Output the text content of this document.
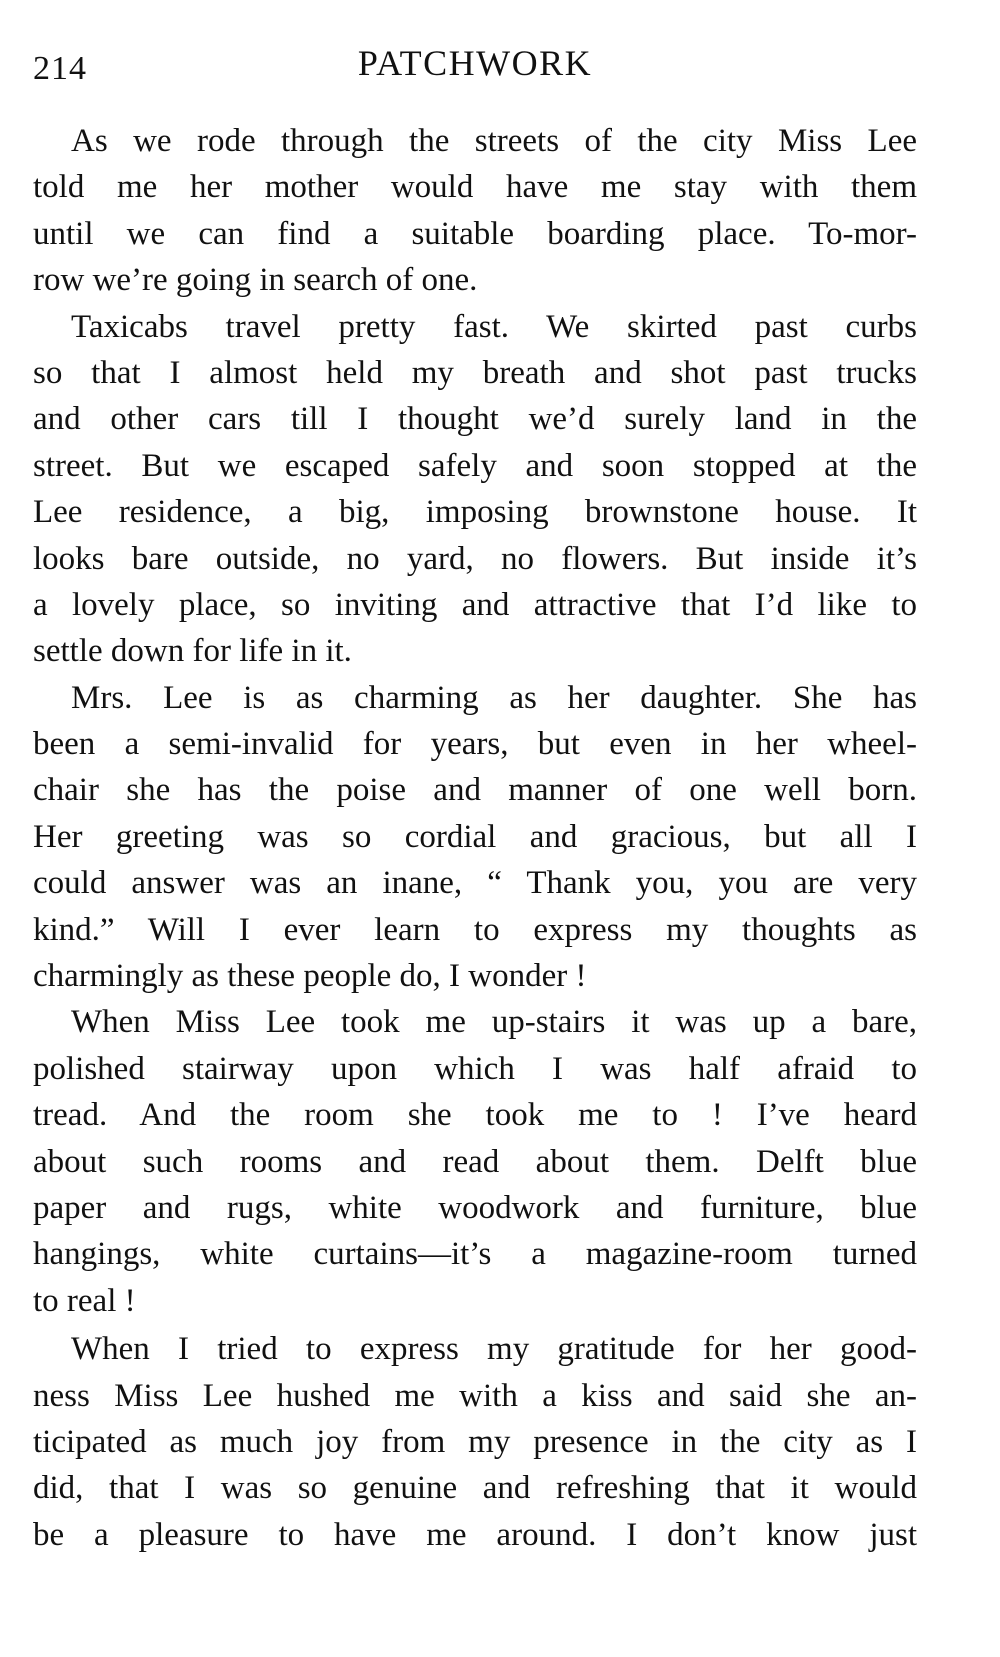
214	PATCHWORK
As we rode through the streets of the city Miss Lee
told me her mother would have me stay with them
until we can find a suitable boarding place. To-mor-
row we’re going in search of one.
Taxicabs travel pretty fast. We skirted past curbs
so that I almost held my breath and shot past trucks
and other cars till I thought we’d surely land in the
street. But we escaped safely and soon stopped at the
Lee residence, a big, imposing brownstone house. It
looks bare outside, no yard, no flowers. But inside it’s
a lovely place, so inviting and attractive that I’d like to
settle down for life in it.
Mrs. Lee is as charming as her daughter. She has
been a semi-invalid for years, but even in her wheel-
chair she has the poise and manner of one well born.
Her greeting was so cordial and gracious, but all I
could answer was an inane, “ Thank you, you are very
kind.” Will I ever learn to express my thoughts as
charmingly as these people do, I wonder !
When Miss Lee took me up-stairs it was up a bare,
polished stairway upon which I was half afraid to
tread. And the room she took me to ! I’ve heard
about such rooms and read about them. Delft blue
paper and rugs, white woodwork and furniture, blue
hangings, white curtains—it’s a magazine-room turned
to real !
When I tried to express my gratitude for her good-
ness Miss Lee hushed me with a kiss and said she an-
ticipated as much joy from my presence in the city as I
did, that I was so genuine and refreshing that it would
be a pleasure to have me around. I don’t know just
